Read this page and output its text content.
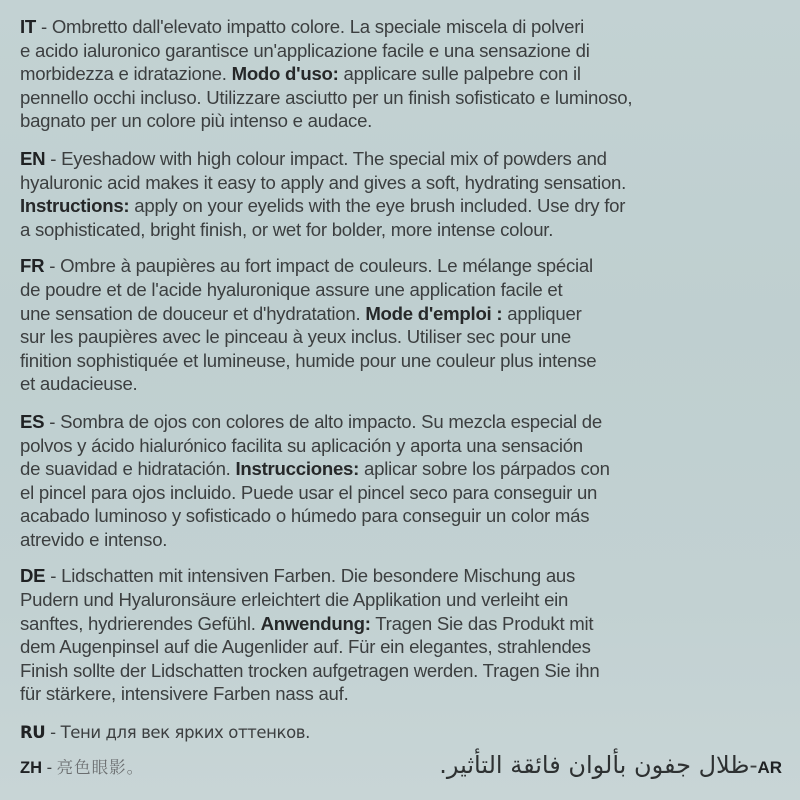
IT - Ombretto dall'elevato impatto colore. La speciale miscela di polveri
e acido ialuronico garantisce un'applicazione facile e una sensazione di
morbidezza e idratazione. Modo d'uso: applicare sulle palpebre con il
pennello occhi incluso. Utilizzare asciutto per un finish sofisticato e luminoso,
bagnato per un colore più intenso e audace.
EN - Eyeshadow with high colour impact. The special mix of powders and
hyaluronic acid makes it easy to apply and gives a soft, hydrating sensation.
Instructions: apply on your eyelids with the eye brush included. Use dry for
a sophisticated, bright finish, or wet for bolder, more intense colour.
FR - Ombre à paupières au fort impact de couleurs. Le mélange spécial
de poudre et de l'acide hyaluronique assure une application facile et
une sensation de douceur et d'hydratation. Mode d'emploi : appliquer
sur les paupières avec le pinceau à yeux inclus. Utiliser sec pour une
finition sophistiquée et lumineuse, humide pour une couleur plus intense
et audacieuse.
ES - Sombra de ojos con colores de alto impacto. Su mezcla especial de
polvos y ácido hialurónico facilita su aplicación y aporta una sensación
de suavidad e hidratación. Instrucciones: aplicar sobre los párpados con
el pincel para ojos incluido. Puede usar el pincel seco para conseguir un
acabado luminoso y sofisticado o húmedo para conseguir un color más
atrevido e intenso.
DE - Lidschatten mit intensiven Farben. Die besondere Mischung aus
Pudern und Hyaluronsäure erleichtert die Applikation und verleiht ein
sanftes, hydrierendes Gefühl. Anwendung: Tragen Sie das Produkt mit
dem Augenpinsel auf die Augenlider auf. Für ein elegantes, strahlendes
Finish sollte der Lidschatten trocken aufgetragen werden. Tragen Sie ihn
für stärkere, intensivere Farben nass auf.
RU - Тени для век ярких оттенков.
ZH - 亮色眼影。	ظلال جفون بألوان فائقة التأثير.-AR
